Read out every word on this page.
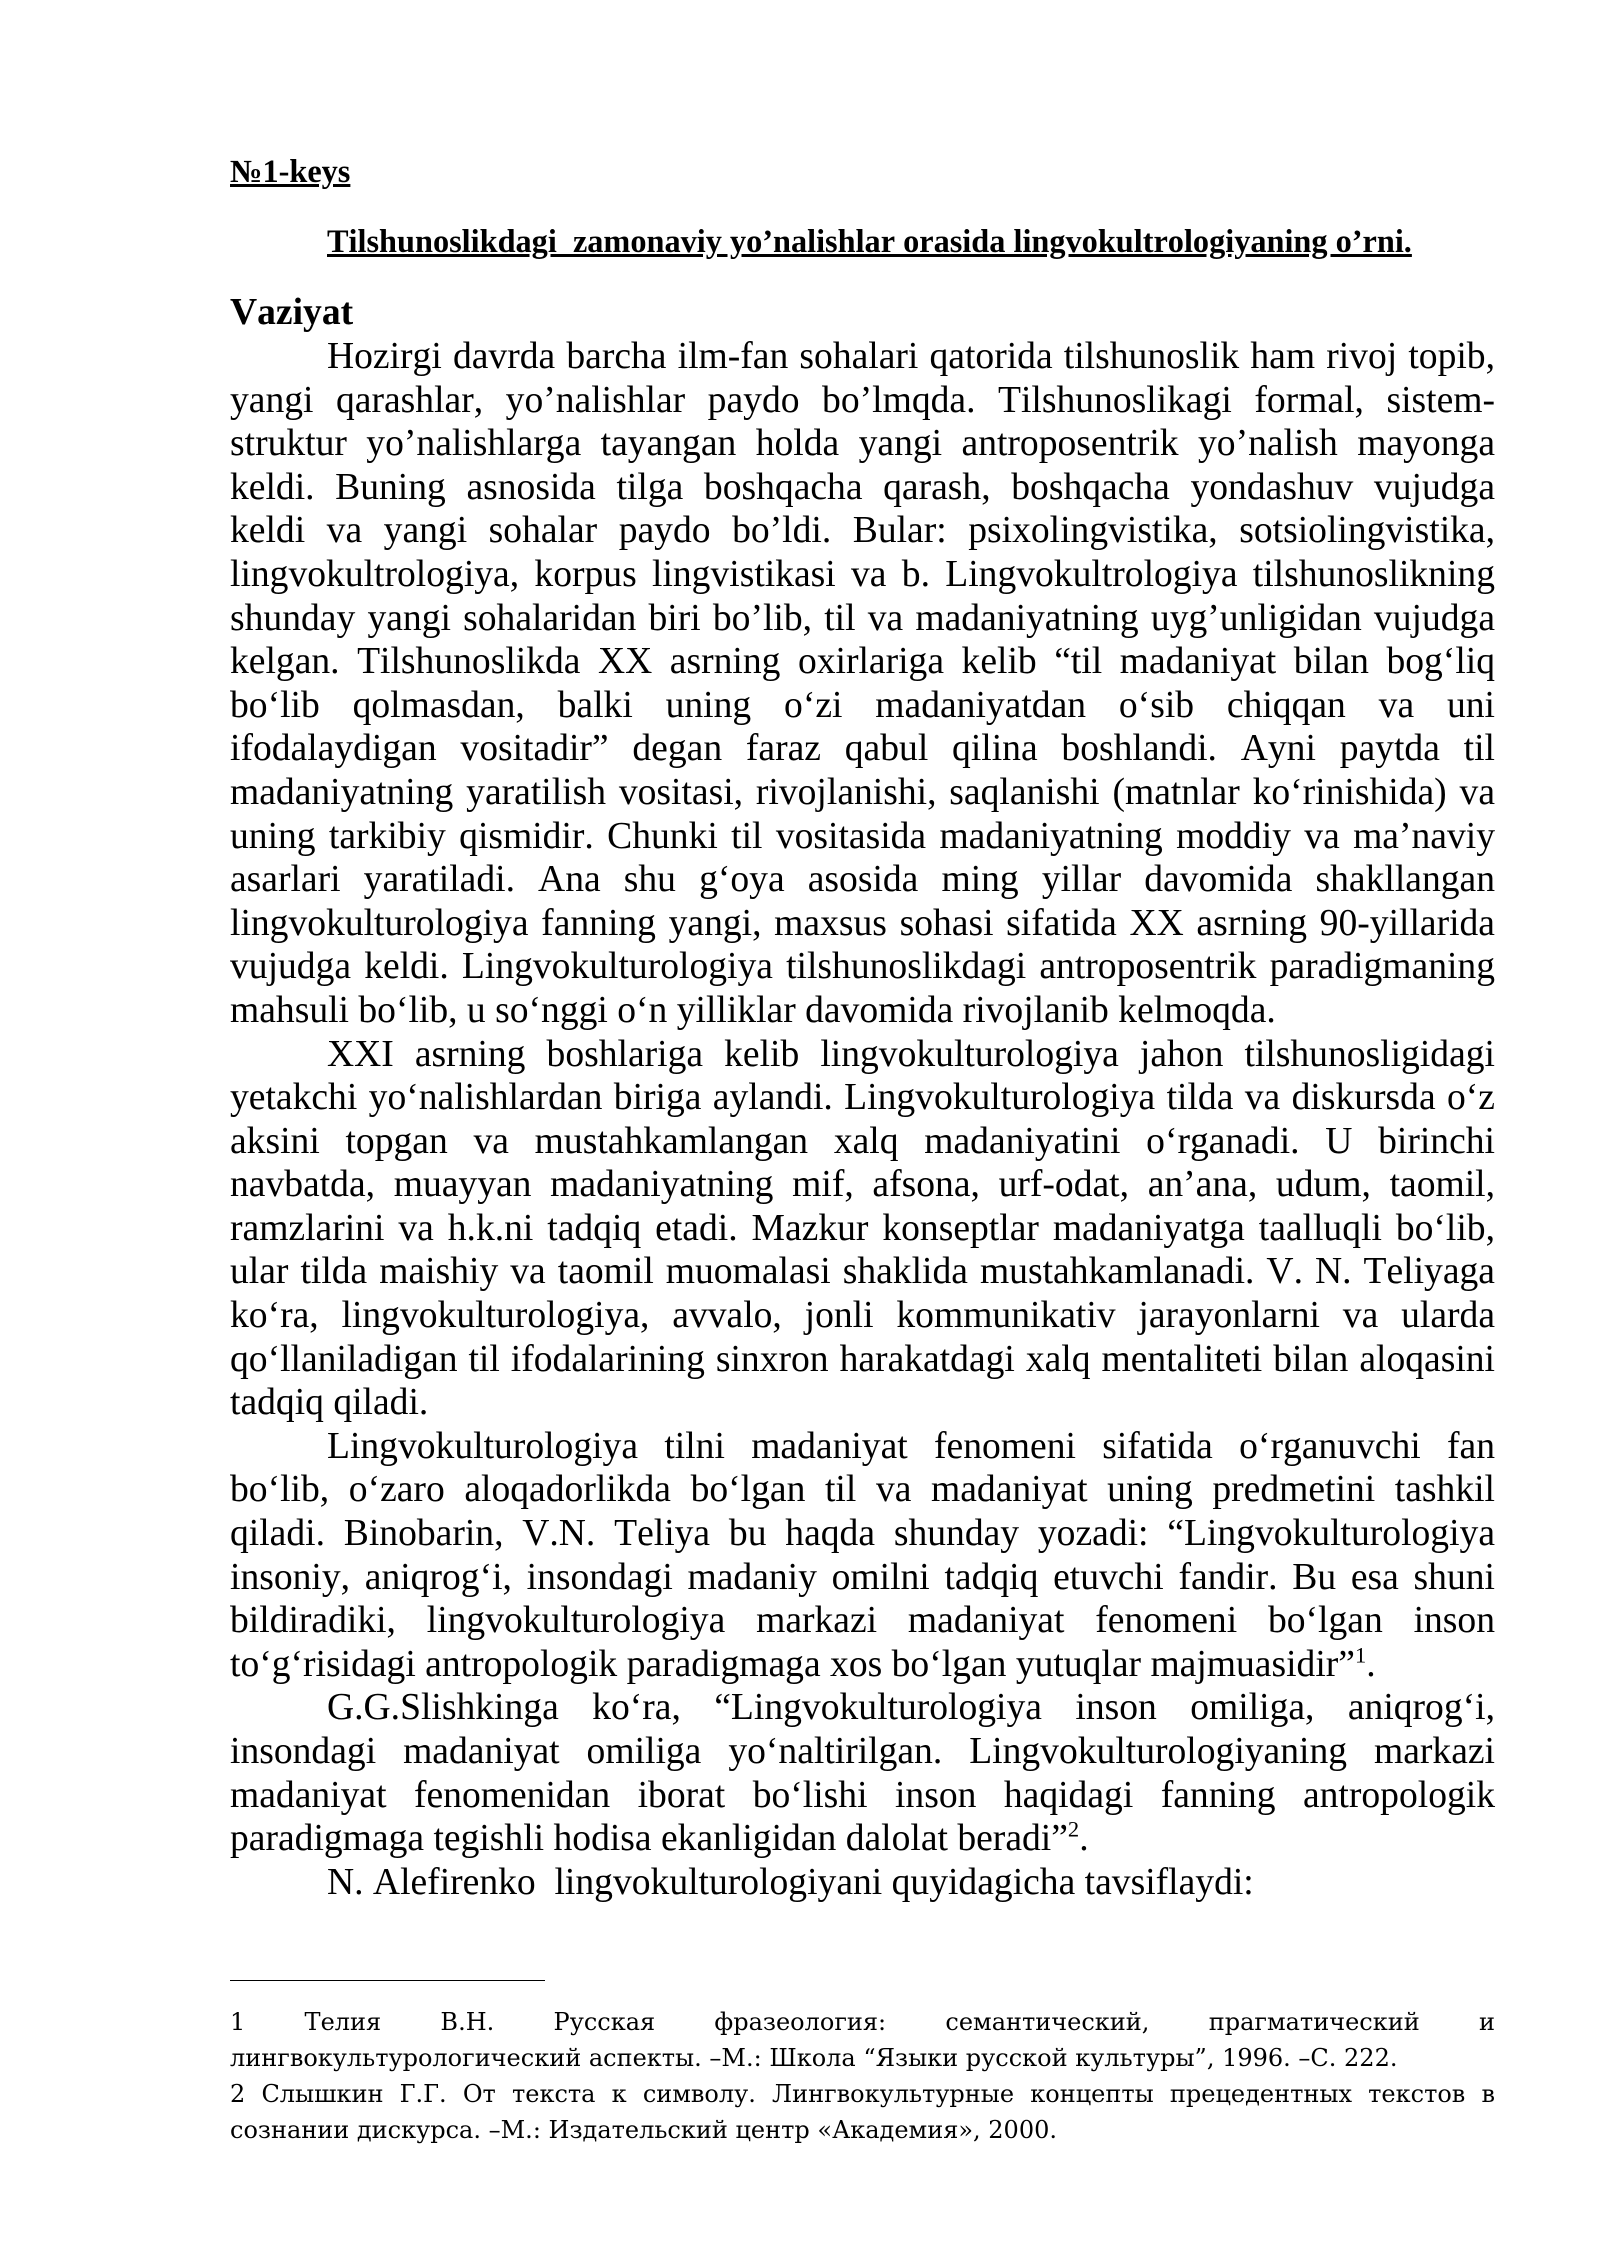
№1-keys
Tilshunoslikdagi  zamonaviy yo’nalishlar orasida lingvokultrologiyaning o’rni.
Vaziyat
Hozirgi davrda barcha ilm-fan sohalari qatorida tilshunoslik ham rivoj topib,
yangi qarashlar, yo’nalishlar paydo bo’lmqda. Tilshunoslikagi formal, sistem-
struktur yo’nalishlarga tayangan holda yangi antroposentrik yo’nalish mayonga
keldi. Buning asnosida tilga boshqacha qarash, boshqacha yondashuv vujudga
keldi va yangi sohalar paydo bo’ldi. Bular: psixolingvistika, sotsiolingvistika,
lingvokultrologiya, korpus lingvistikasi va b. Lingvokultrologiya tilshunoslikning
shunday yangi sohalaridan biri bo’lib, til va madaniyatning uyg’unligidan vujudga
kelgan. Tilshunoslikda XX asrning oxirlariga kelib “til madaniyat bilan bog‘liq
bo‘lib qolmasdan, balki uning o‘zi madaniyatdan o‘sib chiqqan va uni
ifodalaydigan vositadir” degan faraz qabul qilina boshlandi. Ayni paytda til
madaniyatning yaratilish vositasi, rivojlanishi, saqlanishi (matnlar ko‘rinishida) va
uning tarkibiy qismidir. Chunki til vositasida madaniyatning moddiy va ma’naviy
asarlari yaratiladi. Ana shu g‘oya asosida ming yillar davomida shakllangan
lingvokulturologiya fanning yangi, maxsus sohasi sifatida XX asrning 90-yillarida
vujudga keldi. Lingvokulturologiya tilshunoslikdagi antroposentrik paradigmaning
mahsuli bo‘lib, u so‘nggi o‘n yilliklar davomida rivojlanib kelmoqda.
XXI asrning boshlariga kelib lingvokulturologiya jahon tilshunosligidagi
yetakchi yo‘nalishlardan biriga aylandi. Lingvokulturologiya tilda va diskursda o‘z
aksini topgan va mustahkamlangan xalq madaniyatini o‘rganadi. U birinchi
navbatda, muayyan madaniyatning mif, afsona, urf-odat, an’ana, udum, taomil,
ramzlarini va h.k.ni tadqiq etadi. Mazkur konseptlar madaniyatga taalluqli bo‘lib,
ular tilda maishiy va taomil muomalasi shaklida mustahkamlanadi. V. N. Teliyaga
ko‘ra, lingvokulturologiya, avvalo, jonli kommunikativ jarayonlarni va ularda
qo‘llaniladigan til ifodalarining sinxron harakatdagi xalq mentaliteti bilan aloqasini
tadqiq qiladi.
Lingvokulturologiya tilni madaniyat fenomeni sifatida o‘rganuvchi fan
bo‘lib, o‘zaro aloqadorlikda bo‘lgan til va madaniyat uning predmetini tashkil
qiladi. Binobarin, V.N. Teliya bu haqda shunday yozadi: “Lingvokulturologiya
insoniy, aniqrog‘i, insondagi madaniy omilni tadqiq etuvchi fandir. Bu esa shuni
bildiradiki, lingvokulturologiya markazi madaniyat fenomeni bo‘lgan inson
to‘g‘risidagi antropologik paradigmaga xos bo‘lgan yutuqlar majmuasidir”$^1$.
G.G.Slishkinga ko‘ra, “Lingvokulturologiya inson omiliga, aniqrog‘i,
insondagi madaniyat omiliga yo‘naltirilgan. Lingvokulturologiyaning markazi
madaniyat fenomenidan iborat bo‘lishi inson haqidagi fanning antropologik
paradigmaga tegishli hodisa ekanligidan dalolat beradi”$^2$.
N. Alefirenko  lingvokulturologiyani quyidagicha tavsiflaydi:
1 Телия В.Н. Русская фразеология: семантический, прагматический и
лингвокультурологический аспекты. –М.: Школа “Языки русской культуры”, 1996. –С. 222.
2 Слышкин Г.Г. От текста к символу. Лингвокультурные концепты прецедентных текстов в
сознании дискурса. –М.: Издательский центр «Академия», 2000.
